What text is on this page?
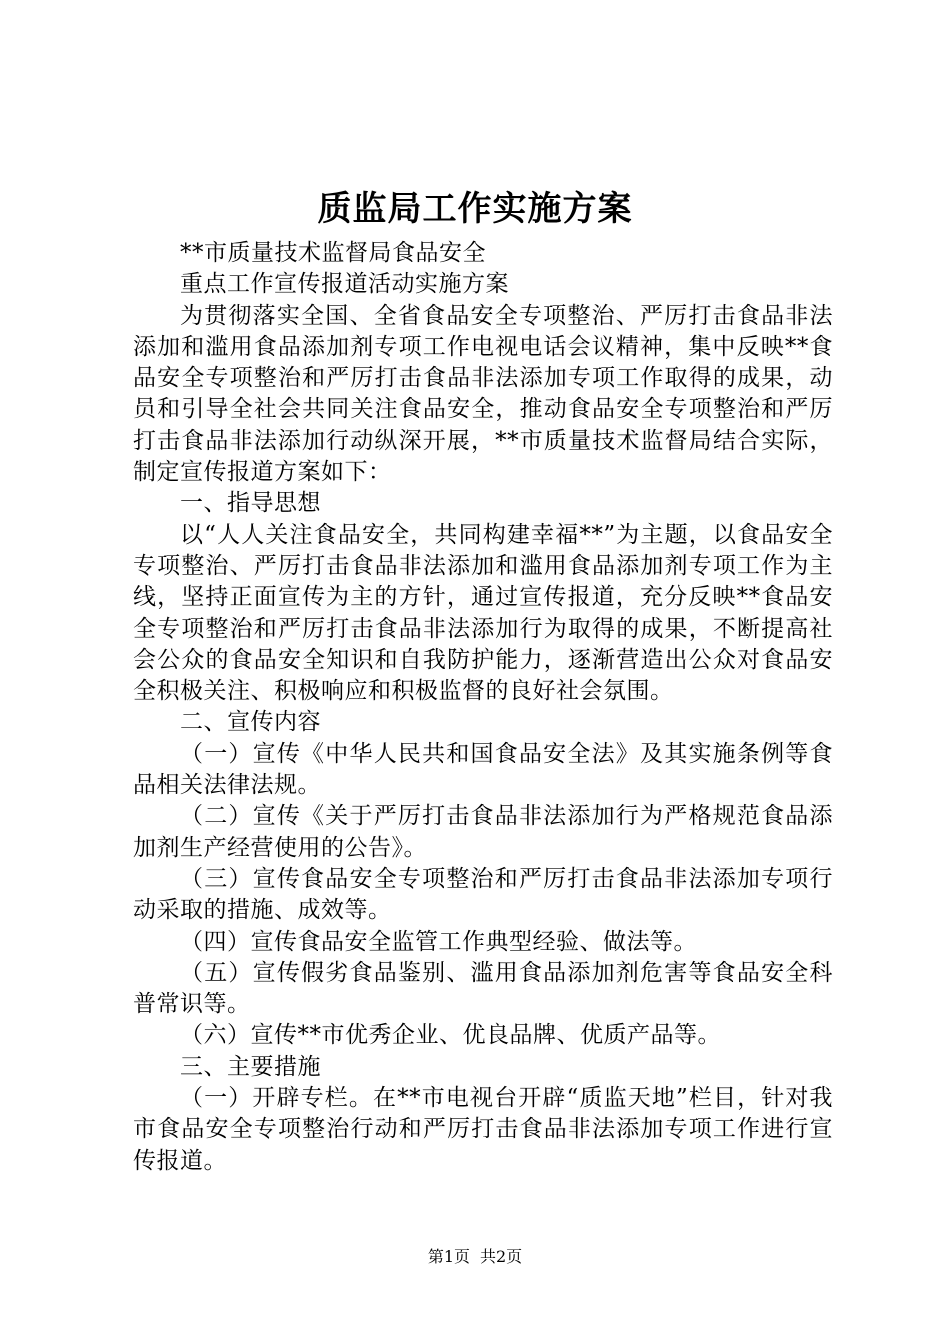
质监局工作实施方案

**市质量技术监督局食品安全

重点工作宣传报道活动实施方案

为贯彻落实全国、全省食品安全专项整治、严厉打击食品非法添加和滥用食品添加剂专项工作电视电话会议精神，集中反映**食品安全专项整治和严厉打击食品非法添加专项工作取得的成果，动员和引导全社会共同关注食品安全，推动食品安全专项整治和严厉打击食品非法添加行动纵深开展，**市质量技术监督局结合实际，制定宣传报道方案如下：

一、指导思想

以“人人关注食品安全，共同构建幸福**”为主题，以食品安全专项整治、严厉打击食品非法添加和滥用食品添加剂专项工作为主线，坚持正面宣传为主的方针，通过宣传报道，充分反映**食品安全专项整治和严厉打击食品非法添加行为取得的成果，不断提高社会公众的食品安全知识和自我防护能力，逐渐营造出公众对食品安全积极关注、积极响应和积极监督的良好社会氛围。

二、宣传内容

（一）宣传《中华人民共和国食品安全法》及其实施条例等食品相关法律法规。

（二）宣传《关于严厉打击食品非法添加行为严格规范食品添加剂生产经营使用的公告》。

（三）宣传食品安全专项整治和严厉打击食品非法添加专项行动采取的措施、成效等。

（四）宣传食品安全监管工作典型经验、做法等。

（五）宣传假劣食品鉴别、滥用食品添加剂危害等食品安全科普常识等。

（六）宣传**市优秀企业、优良品牌、优质产品等。

三、主要措施

（一）开辟专栏。在**市电视台开辟“质监天地”栏目，针对我市食品安全专项整治行动和严厉打击食品非法添加专项工作进行宣传报道。

第1页 共2页
